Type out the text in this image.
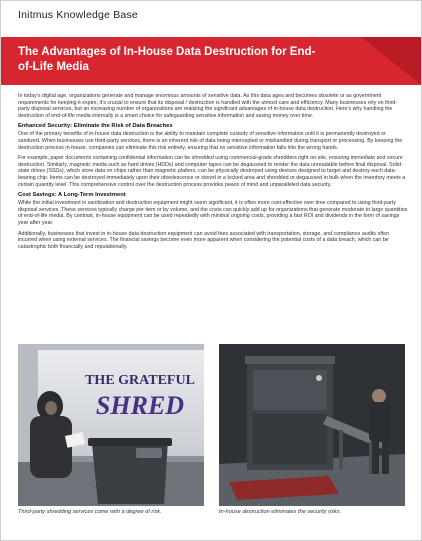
Initmus Knowledge Base
The Advantages of In-House Data Destruction for End-of-Life Media

In today's digital age, organizations generate and manage enormous amounts of sensitive data. As this data ages and becomes obsolete or as government requirements for keeping it expire, it's crucial to ensure that its disposal / destruction is handled with the utmost care and efficiency. Many businesses rely on third-party disposal services, but an increasing number of organizations are realizing the significant advantages of in-house data destruction. Here's why handling the destruction of end-of-life media internally is a smart choice for safeguarding sensitive information and saving money over time.

Enhanced Security: Eliminate the Risk of Data Breaches

One of the primary benefits of in-house data destruction is the ability to maintain complete custody of sensitive information until it is permanently destroyed or sanitized. When businesses use third-party services, there is an inherent risk of data being intercepted or mishandled during transport or processing. By keeping the destruction process in-house, companies can eliminate this risk entirely, ensuring that no sensitive information falls into the wrong hands.

For example, paper documents containing confidential information can be shredded using commercial-grade shredders right on-site, ensuring immediate and secure destruction. Similarly, magnetic media such as hard drives (HDDs) and computer tapes can be degaussed to render the data unreadable before final disposal. Solid-state drives (SSDs), which store data on chips rather than magnetic platters, can be physically destroyed using devices designed to target and destroy each data-bearing chip. Items can be destroyed immediately upon their obsolescence or stored in a locked area and shredded or degaussed in bulk when the inventory meets a certain quantity level. This comprehensive control over the destruction process provides peace of mind and unparalleled data security.

Cost Savings: A Long-Term Investment

While the initial investment in sanitization and destruction equipment might seem significant, it is often more cost-effective over time compared to using third-party disposal services. These services typically charge per item or by volume, and the costs can quickly add up for organizations that generate moderate to large quantities of end-of-life media. By contrast, in-house equipment can be used repeatedly with minimal ongoing costs, providing a fast ROI and dividends in the form of savings year after year.

Additionally, businesses that invest in in-house data destruction equipment can avoid fees associated with transportation, storage, and compliance audits often incurred when using external services. The financial savings become even more apparent when considering the potential costs of a data breach, which can be catastrophic both financially and reputationally.

THE GRATEFUL
SHRED
Third-party shredding services come with a degree of risk.	In-house destruction eliminates the security risks.
